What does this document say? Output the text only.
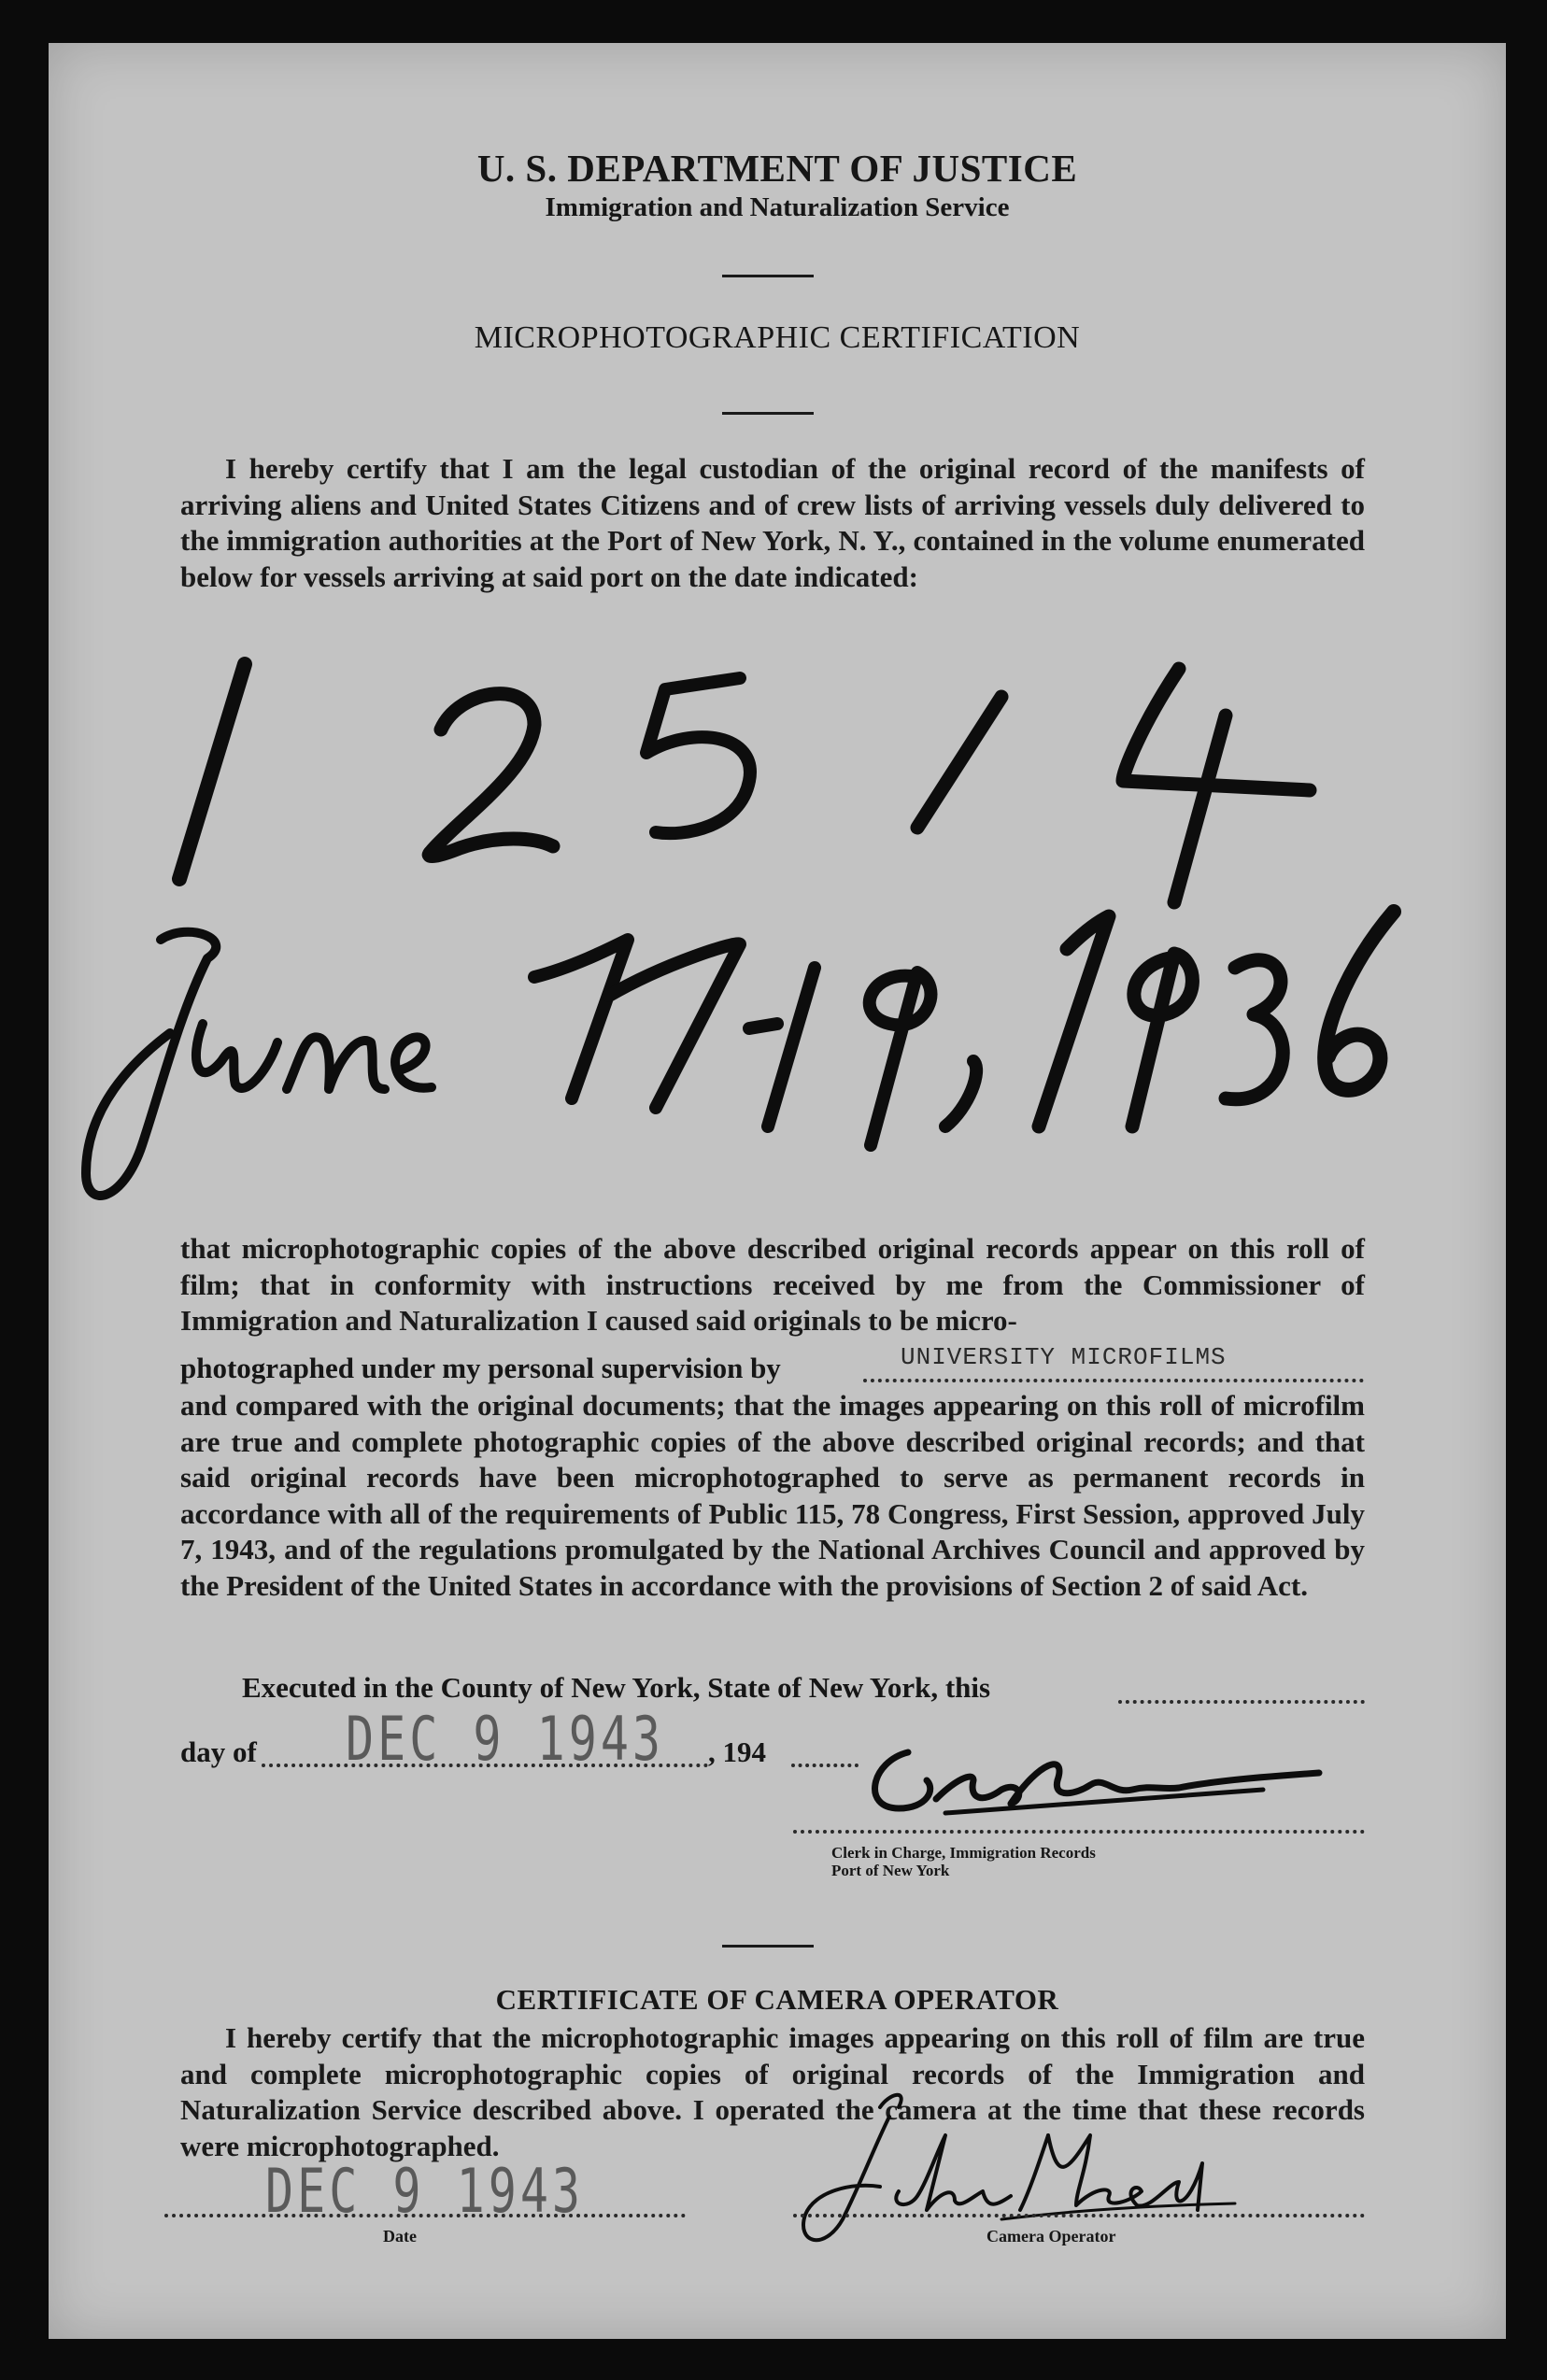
U. S. DEPARTMENT OF JUSTICE
Immigration and Naturalization Service
MICROPHOTOGRAPHIC CERTIFICATION

I hereby certify that I am the legal custodian of the original record of the manifests of arriving aliens and United States Citizens and of crew lists of arriving vessels duly delivered to the immigration authorities at the Port of New York, N. Y., contained in the volume enumerated below for vessels arriving at said port on the date indicated:

that microphotographic copies of the above described original records appear on this roll of film; that in conformity with instructions received by me from the Commissioner of Immigration and Naturalization I caused said originals to be micro-

photographed under my personal supervision by	UNIVERSITY MICROFILMS

and compared with the original documents; that the images appearing on this roll of microfilm are true and complete photographic copies of the above described original records; and that said original records have been microphotographed to serve as permanent records in accordance with all of the requirements of Public 115, 78 Congress, First Session, approved July 7, 1943, and of the regulations promulgated by the National Archives Council and approved by the President of the United States in accordance with the provisions of Section 2 of said Act.

Executed in the County of New York, State of New York, this
day of DEC 9 1943 , 194
Clerk in Charge, Immigration Records
Port of New York
CERTIFICATE OF CAMERA OPERATOR

I hereby certify that the microphotographic images appearing on this roll of film are true and complete microphotographic copies of original records of the Immigration and Naturalization Service described above. I operated the camera at the time that these records were microphotographed.

DEC 9 1943
Date	Camera Operator
